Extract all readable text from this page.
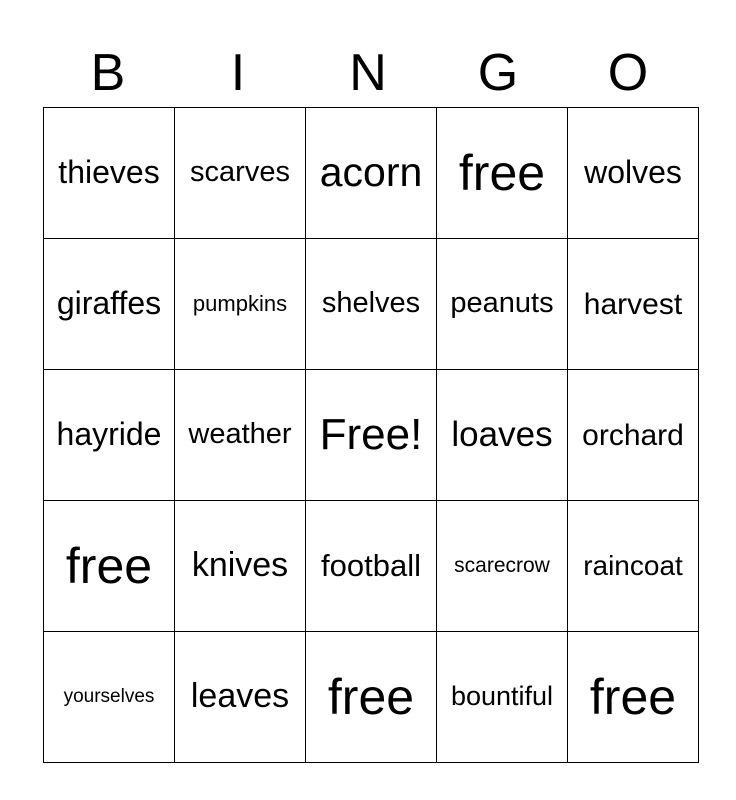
B	I	N	G	O
thieves	scarves	acorn	free	wolves
giraffes	pumpkins	shelves	peanuts	harvest
hayride	weather	Free!	loaves	orchard
free	knives	football	scarecrow	raincoat
yourselves	leaves	free	bountiful	free
